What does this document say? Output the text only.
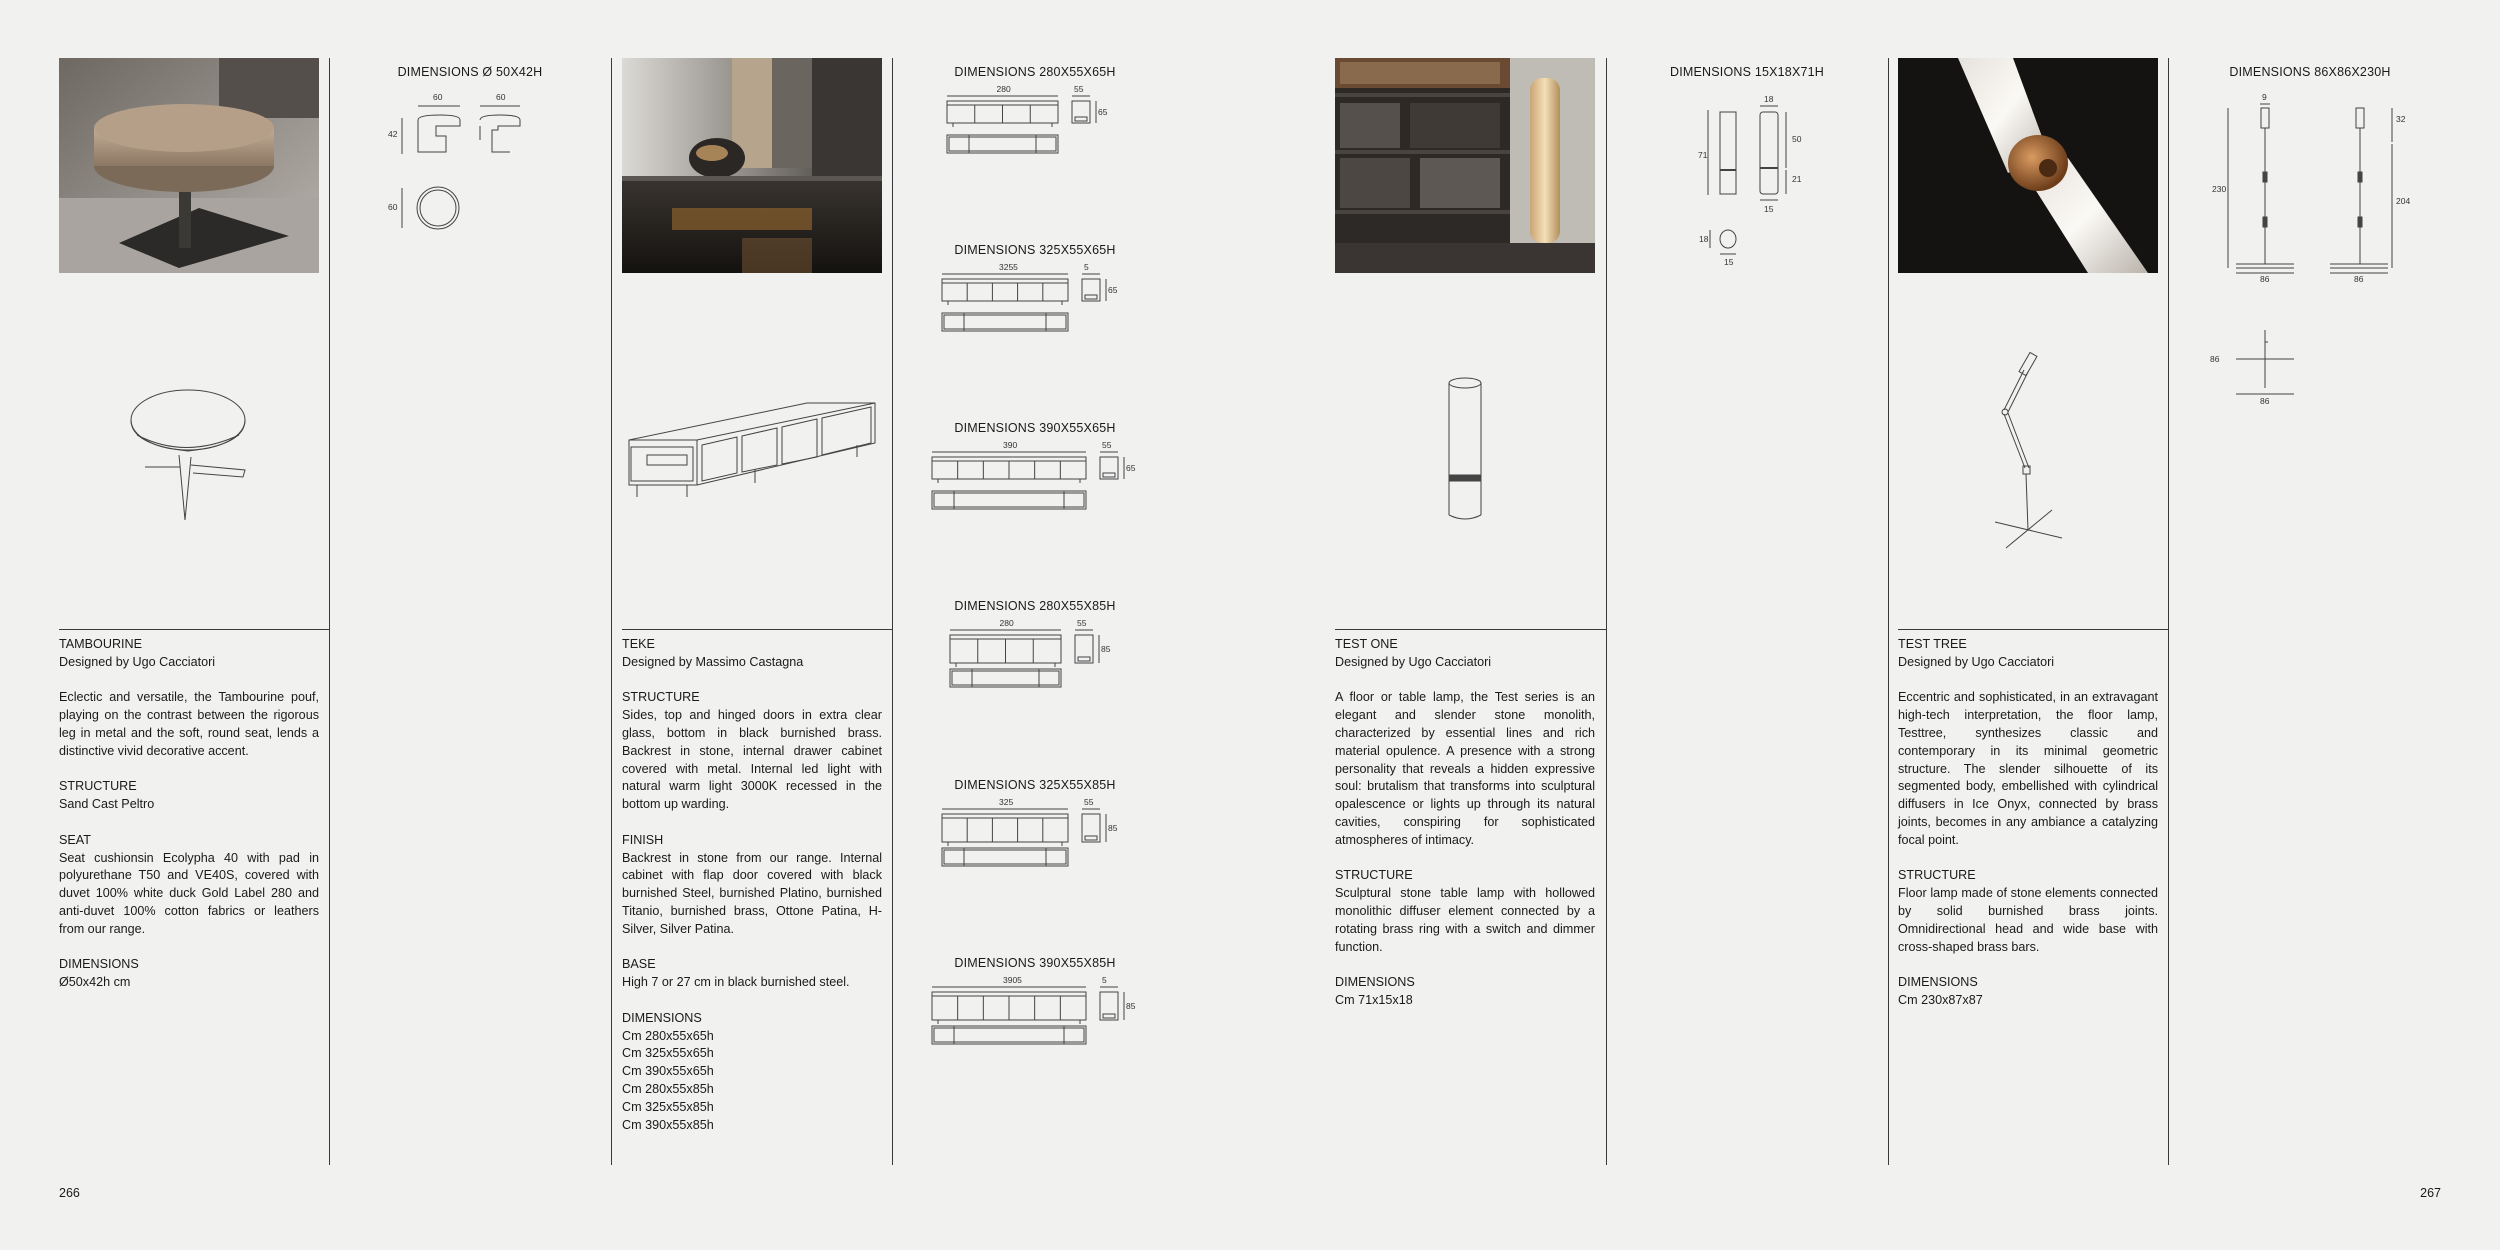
DIMENSIONS Ø 50X42H
60	60
42
60
TAMBOURINE

Designed by Ugo Cacciatori

Eclectic and versatile, the Tambourine pouf, playing on the contrast between the rigorous leg in metal and the soft, round seat, lends a distinctive vivid decorative accent.

STRUCTURE

Sand Cast Peltro

SEAT

Seat cushionsin Ecolypha 40 with pad in polyurethane T50 and VE40S, covered with duvet 100% white duck Gold Label 280 and anti-duvet 100% cotton fabrics or leathers from our range.

DIMENSIONS
Ø50x42h cm
TEKE

Designed by Massimo Castagna

STRUCTURE

Sides, top and hinged doors in extra clear glass, bottom in black burnished brass. Backrest in stone, internal drawer cabinet covered with metal. Internal led light with natural warm light 3000K recessed in the bottom up warding.

FINISH

Backrest in stone from our range. Internal cabinet with flap door covered with black burnished Steel, burnished Platino, burnished Titanio, burnished brass, Ottone Patina, H-Silver, Silver Patina.

BASE

High 7 or 27 cm in black burnished steel.

DIMENSIONS
Cm 280x55x65h
Cm 325x55x65h
Cm 390x55x65h
Cm 280x55x85h
Cm 325x55x85h
Cm 390x55x85h
DIMENSIONS 280X55X65H
280	55
65
DIMENSIONS 325X55X65H
3255	5
65
DIMENSIONS 390X55X65H
390	55
65
DIMENSIONS 280X55X85H
280	55
85
DIMENSIONS 325X55X85H
325	55
85
DIMENSIONS 390X55X85H
3905	5
85
DIMENSIONS 15X18X71H
71
18
50
21
15
18
15
TEST ONE

Designed by Ugo Cacciatori

A floor or table lamp, the Test series is an elegant and slender stone monolith, characterized by essential lines and rich material opulence. A presence with a strong personality that reveals a hidden expressive soul: brutalism that transforms into sculptural opalescence or lights up through its natural cavities, conspiring for sophisticated atmospheres of intimacy.

STRUCTURE

Sculptural stone table lamp with hollowed monolithic diffuser element connected by a rotating brass ring with a switch and dimmer function.

DIMENSIONS
Cm 71x15x18
DIMENSIONS 86X86X230H
9
230
86
32
204
86
86
86
TEST TREE

Designed by Ugo Cacciatori

Eccentric and sophisticated, in an extravagant high-tech interpretation, the floor lamp, Testtree, synthesizes classic and contemporary in its minimal geometric structure. The slender silhouette of its segmented body, embellished with cylindrical diffusers in Ice Onyx, connected by brass joints, becomes in any ambiance a catalyzing focal point.

STRUCTURE

Floor lamp made of stone elements connected by solid burnished brass joints. Omnidirectional head and wide base with cross-shaped brass bars.

DIMENSIONS
Cm 230x87x87
266	267
